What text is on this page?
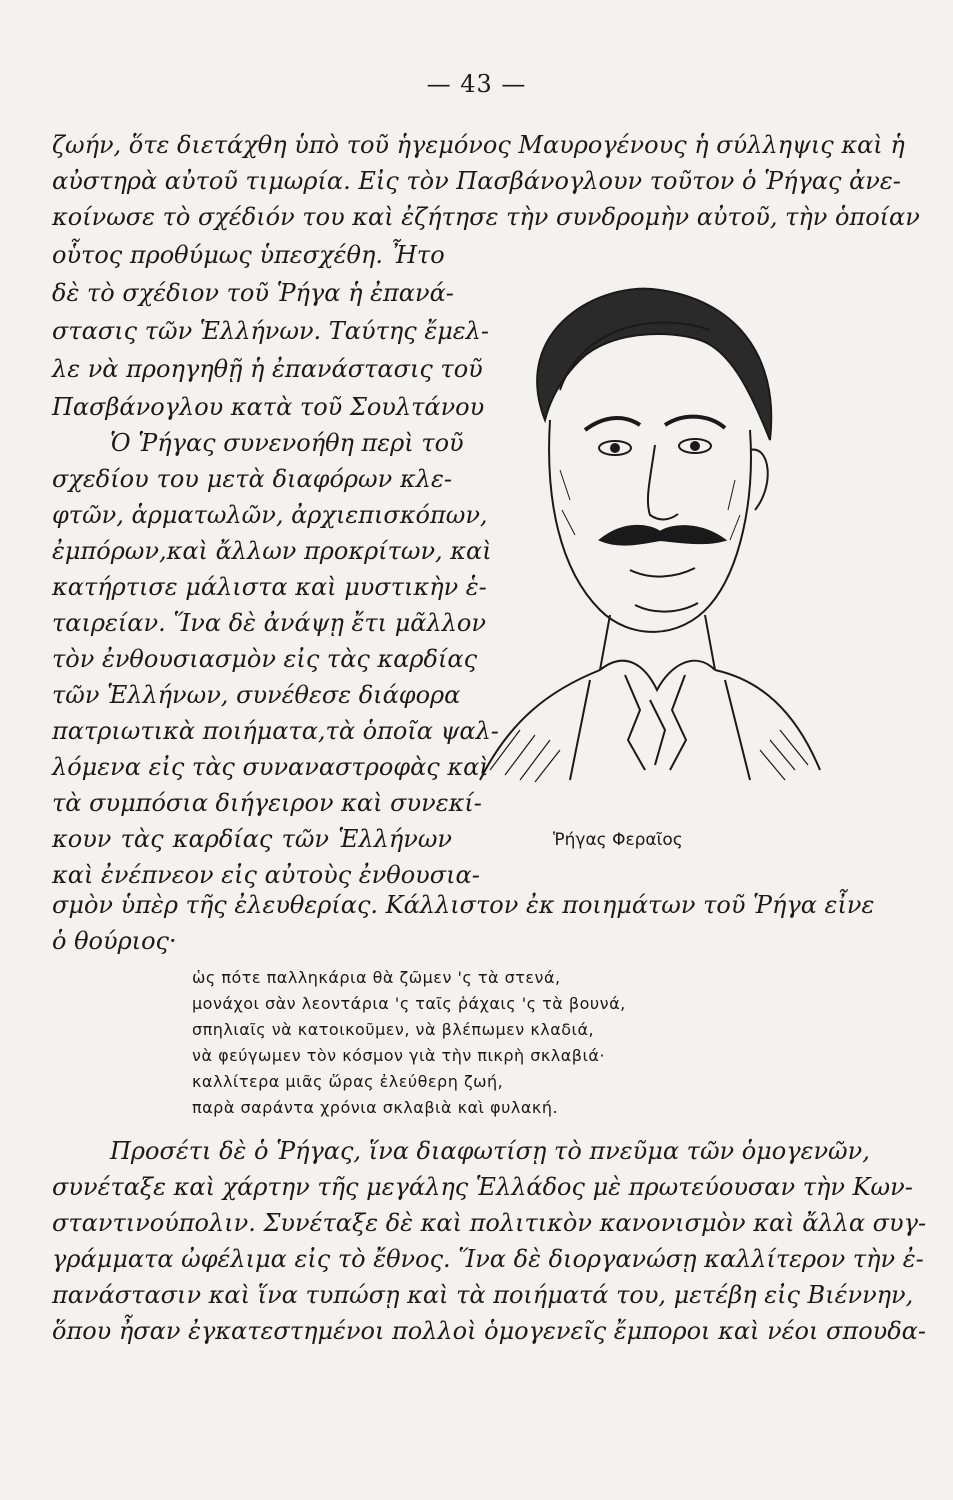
— 43 —
ζωήν, ὅτε διετάχθη ὑπὸ τοῦ ἡγεμόνος Μαυρογένους ἡ σύλληψις καὶ ἡ
αὐστηρὰ αὐτοῦ τιμωρία. Εἰς τὸν Πασβάνογλουν τοῦτον ὁ Ῥήγας ἀνε-
κοίνωσε τὸ σχέδιόν του καὶ ἐζήτησε τὴν συνδρομὴν αὐτοῦ, τὴν ὁποίαν
οὗτος προθύμως ὑπεσχέθη. Ἦτο
δὲ τὸ σχέδιον τοῦ Ῥήγα ἡ ἐπανά-
στασις τῶν Ἑλλήνων. Ταύτης ἔμελ-
λε νὰ προηγηθῇ ἡ ἐπανάστασις τοῦ
Πασβάνογλου κατὰ τοῦ Σουλτάνου
Ὁ Ῥήγας συνενοήθη περὶ τοῦ
σχεδίου του μετὰ διαφόρων κλε-
φτῶν, ἁρματωλῶν, ἀρχιεπισκόπων,
ἐμπόρων,καὶ ἄλλων προκρίτων, καὶ
κατήρτισε μάλιστα καὶ μυστικὴν ἑ-
ταιρείαν. Ἵνα δὲ ἀνάψῃ ἔτι μᾶλλον
τὸν ἐνθουσιασμὸν εἰς τὰς καρδίας
τῶν Ἑλλήνων, συνέθεσε διάφορα
πατριωτικὰ ποιήματα,τὰ ὁποῖα ψαλ-
λόμενα εἰς τὰς συναναστροφὰς καὶ
τὰ συμπόσια διήγειρον καὶ συνεκί-
κουν τὰς καρδίας τῶν Ἑλλήνων
καὶ ἐνέπνεον εἰς αὐτοὺς ἐνθουσια-
σμὸν ὑπὲρ τῆς ἐλευθερίας. Κάλλιστον ἐκ ποιημάτων τοῦ Ῥήγα εἶνε
ὁ θούριος·
ὡς πότε παλληκάρια θὰ ζῶμεν 'ς τὰ στενά,
μονάχοι σὰν λεοντάρια 'ς ταῖς ῥάχαις 'ς τὰ βουνά,
σπηλιαῖς νὰ κατοικοῦμεν, νὰ βλέπωμεν κλαδιά,
νὰ φεύγωμεν τὸν κόσμον γιὰ τὴν πικρὴ σκλαβιά·
καλλίτερα μιᾶς ὥρας ἐλεύθερη ζωή,
παρὰ σαράντα χρόνια σκλαβιὰ καὶ φυλακή.
Προσέτι δὲ ὁ Ῥήγας, ἵνα διαφωτίσῃ τὸ πνεῦμα τῶν ὁμογενῶν,
συνέταξε καὶ χάρτην τῆς μεγάλης Ἑλλάδος μὲ πρωτεύουσαν τὴν Κων-
σταντινούπολιν. Συνέταξε δὲ καὶ πολιτικὸν κανονισμὸν καὶ ἄλλα συγ-
γράμματα ὠφέλιμα εἰς τὸ ἔθνος. Ἵνα δὲ διοργανώσῃ καλλίτερον τὴν ἐ-
πανάστασιν καὶ ἵνα τυπώσῃ καὶ τὰ ποιήματά του, μετέβη εἰς Βιέννην,
ὅπου ἦσαν ἐγκατεστημένοι πολλοὶ ὁμογενεῖς ἔμποροι καὶ νέοι σπουδα-
Ῥήγας Φεραῖος
